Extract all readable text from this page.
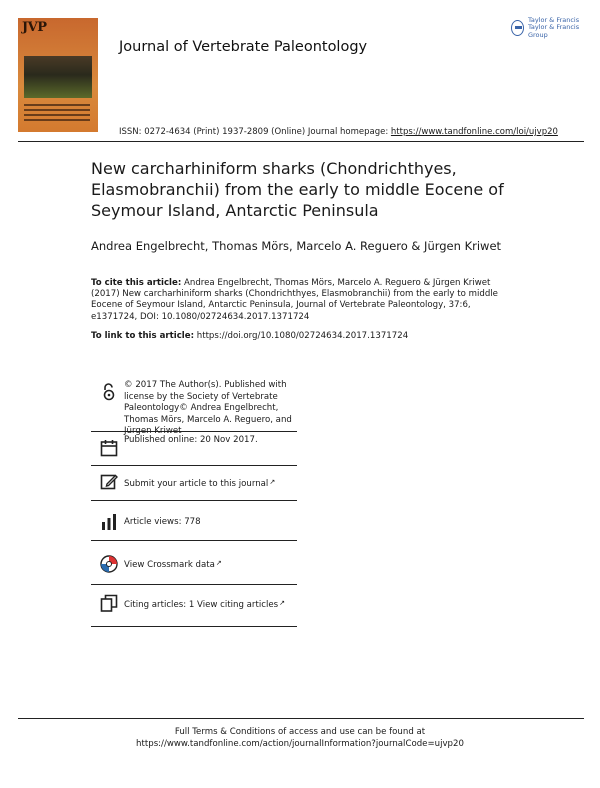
JVP
Journal of Vertebrate Paleontology
Taylor & Francis
Taylor & Francis Group
ISSN: 0272-4634 (Print) 1937-2809 (Online) Journal homepage: https://www.tandfonline.com/loi/ujvp20
New carcharhiniform sharks (Chondrichthyes, Elasmobranchii) from the early to middle Eocene of Seymour Island, Antarctic Peninsula
Andrea Engelbrecht, Thomas Mörs, Marcelo A. Reguero & Jürgen Kriwet
To cite this article: Andrea Engelbrecht, Thomas Mörs, Marcelo A. Reguero & Jürgen Kriwet (2017) New carcharhiniform sharks (Chondrichthyes, Elasmobranchii) from the early to middle Eocene of Seymour Island, Antarctic Peninsula, Journal of Vertebrate Paleontology, 37:6, e1371724, DOI: 10.1080/02724634.2017.1371724
To link to this article: https://doi.org/10.1080/02724634.2017.1371724
© 2017 The Author(s). Published with license by the Society of Vertebrate Paleontology© Andrea Engelbrecht, Thomas Mörs, Marcelo A. Reguero, and Jürgen Kriwet
Published online: 20 Nov 2017.
Submit your article to this journal↗
Article views: 778
View Crossmark data↗
Citing articles: 1 View citing articles↗
Full Terms & Conditions of access and use can be found at
https://www.tandfonline.com/action/journalInformation?journalCode=ujvp20
